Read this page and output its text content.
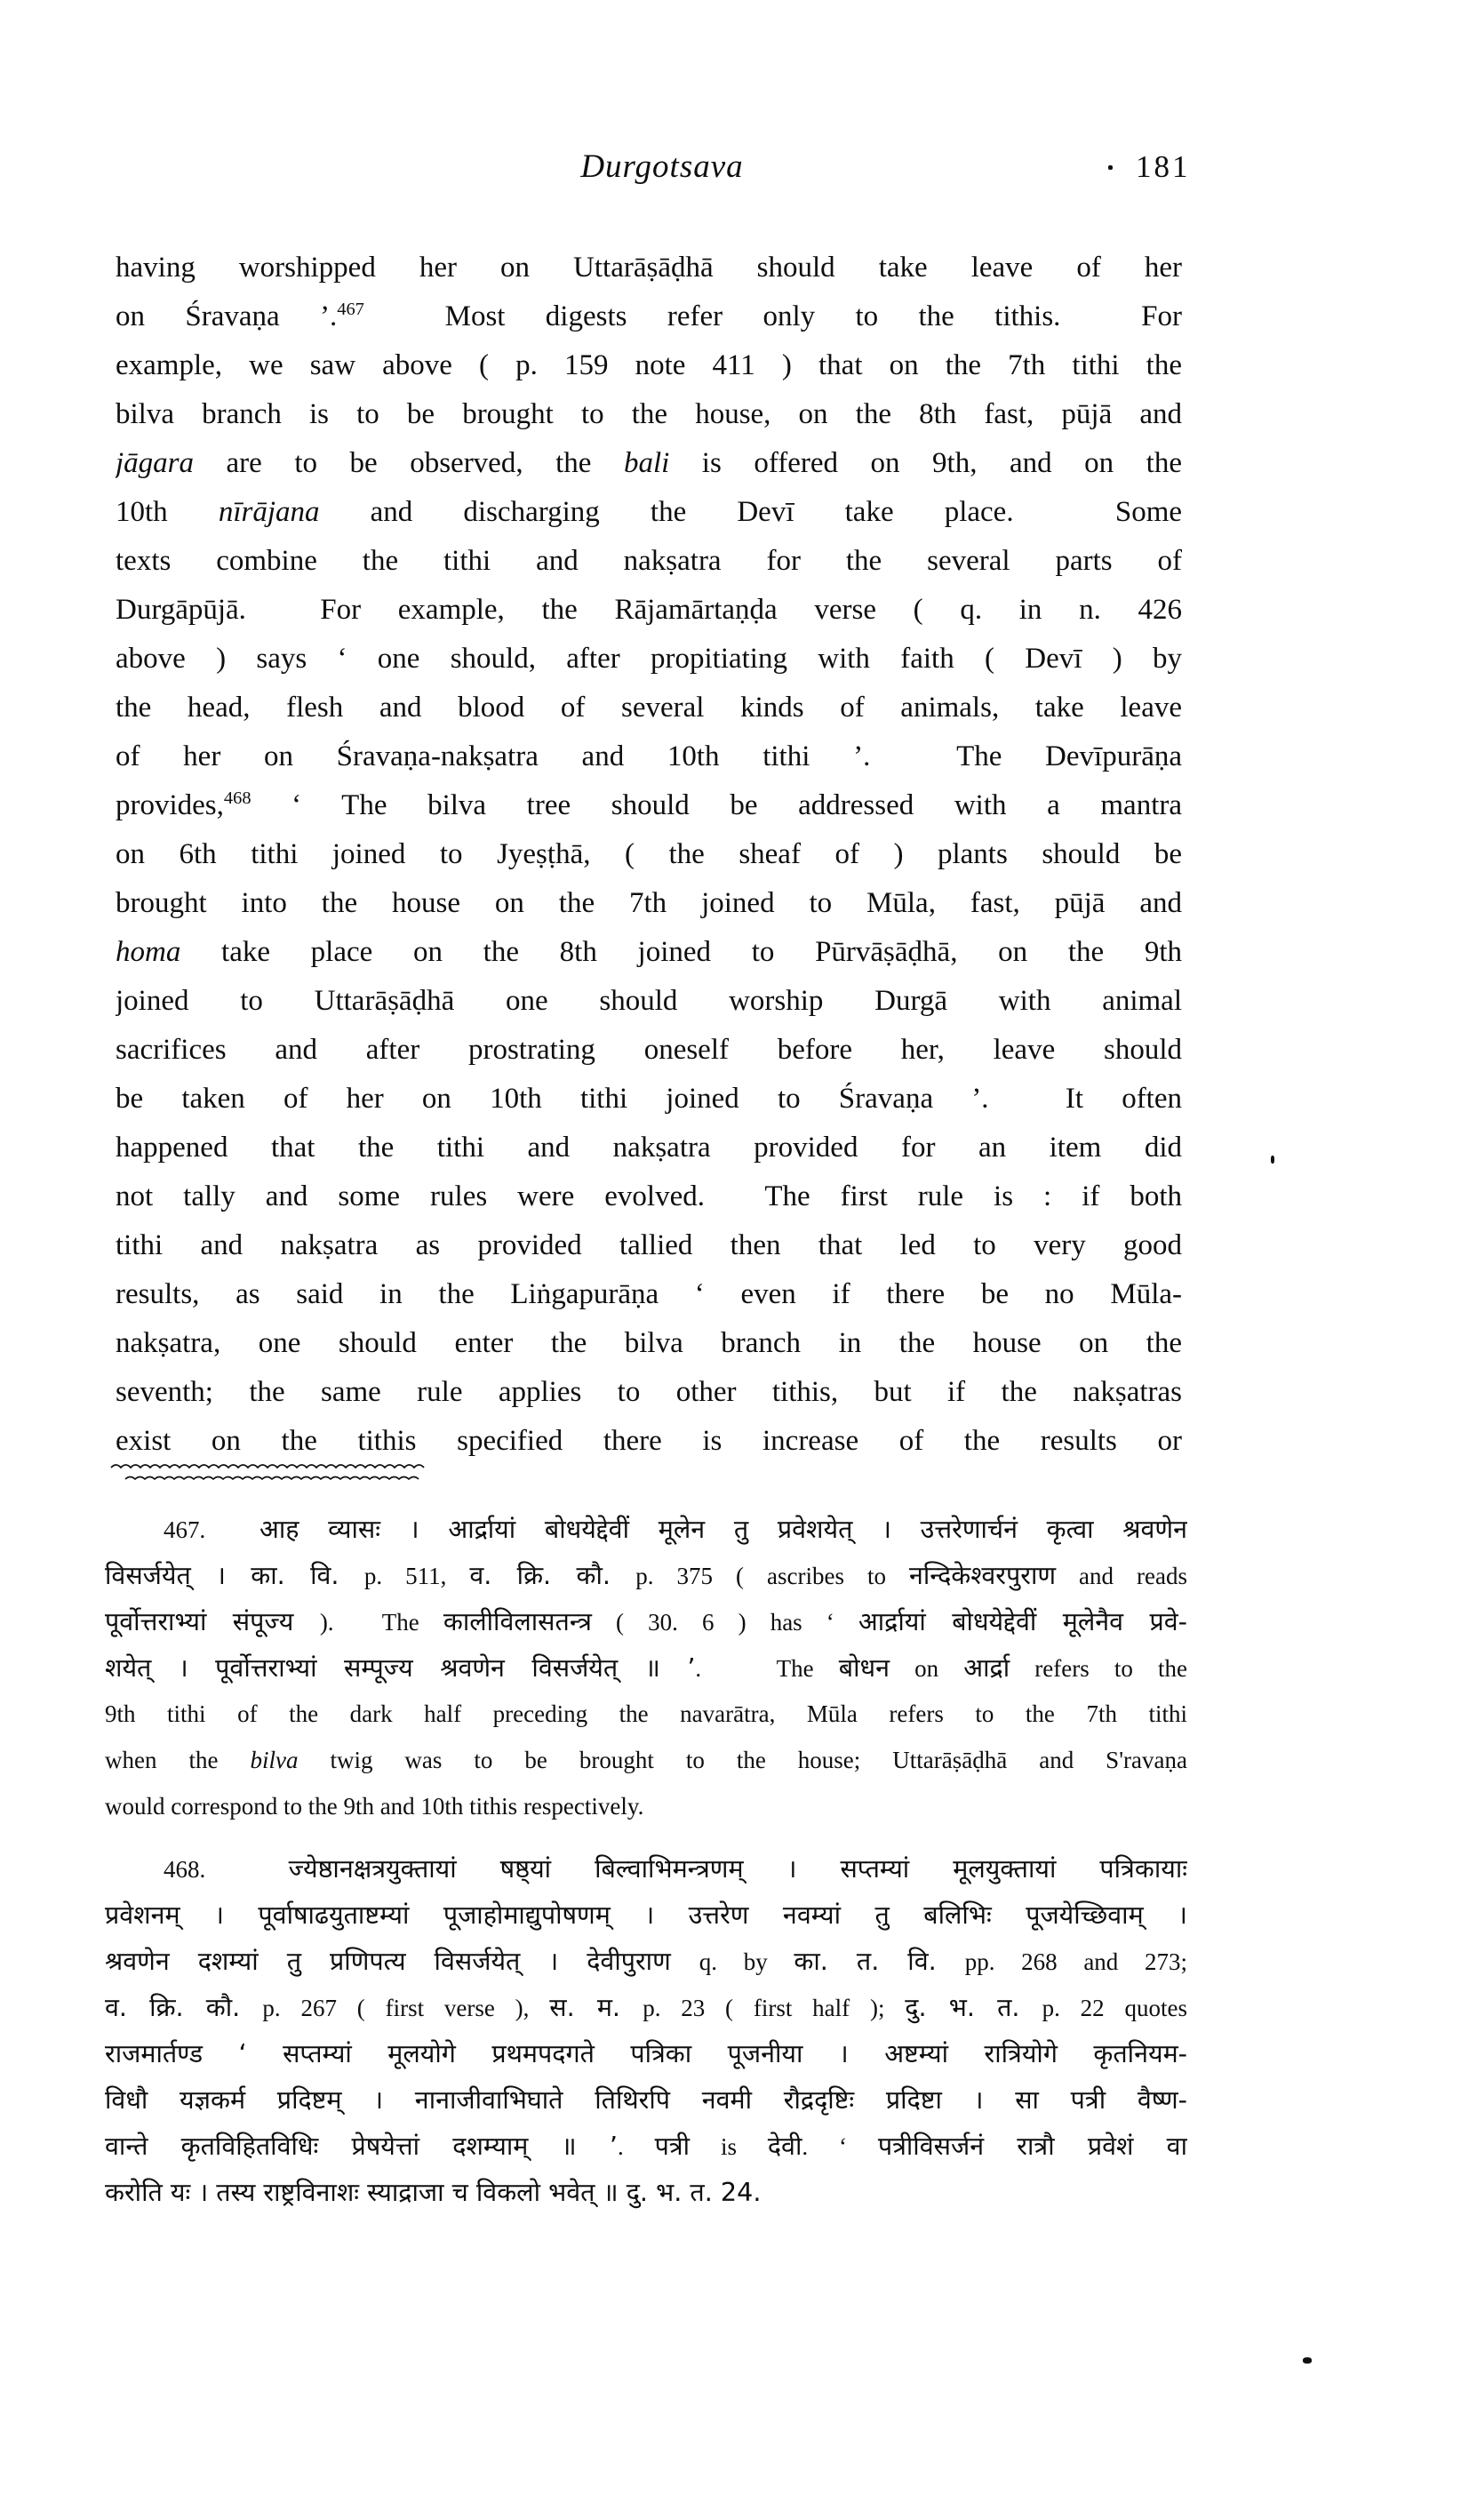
Durgotsava	181
having worshipped her on Uttarāṣāḍhā should take leave of her
on Śravaṇa ’.$^{467}$  Most digests refer only to the tithis.  For
example, we saw above ( p. 159 note 411 ) that on the 7th tithi the
bilva branch is to be brought to the house, on the 8th fast, pūjā and
jāgara are to be observed, the bali is offered on 9th, and on the
10th nīrājana and discharging the Devī take place.  Some
texts combine the tithi and nakṣatra for the several parts of
Durgāpūjā.  For example, the Rājamārtaṇḍa verse ( q. in n. 426
above ) says ‘ one should, after propitiating with faith ( Devī ) by
the head, flesh and blood of several kinds of animals, take leave
of her on Śravaṇa-nakṣatra and 10th tithi ’.  The Devīpurāṇa
provides,$^{468}$ ‘ The bilva tree should be addressed with a mantra
on 6th tithi joined to Jyeṣṭhā, ( the sheaf of ) plants should be
brought into the house on the 7th joined to Mūla, fast, pūjā and
homa take place on the 8th joined to Pūrvāṣāḍhā, on the 9th
joined to Uttarāṣāḍhā one should worship Durgā with animal
sacrifices and after prostrating oneself before her, leave should
be taken of her on 10th tithi joined to Śravaṇa ’.  It often
happened that the tithi and nakṣatra provided for an item did
not tally and some rules were evolved.  The first rule is : if both
tithi and nakṣatra as provided tallied then that led to very good
results, as said in the Liṅgapurāṇa ‘ even if there be no Mūla-
nakṣatra, one should enter the bilva branch in the house on the
seventh; the same rule applies to other tithis, but if the nakṣatras
exist on the tithis specified there is increase of the results or
467.  आह व्यासः । आर्द्रायां बोधयेद्देवीं मूलेन तु प्रवेशयेत् । उत्तरेणार्चनं कृत्वा श्रवणेन
विसर्जयेत् । का. वि. p. 511, व. क्रि. कौ. p. 375 ( ascribes to नन्दिकेश्वरपुराण and reads
पूर्वोत्तराभ्यां संपूज्य ).  The कालीविलासतन्त्र ( 30. 6 ) has ‘ आर्द्रायां बोधयेद्देवीं मूलेनैव प्रवे-
शयेत् । पूर्वोत्तराभ्यां सम्पूज्य श्रवणेन विसर्जयेत् ॥ ’.   The बोधन on आर्द्रा refers to the
9th tithi of the dark half preceding the navarātra, Mūla refers to the 7th tithi
when the bilva twig was to be brought to the house; Uttarāṣāḍhā and S'ravaṇa
would correspond to the 9th and 10th tithis respectively.
468.  ज्येष्ठानक्षत्रयुक्तायां षष्ठ्यां बिल्वाभिमन्त्रणम् । सप्तम्यां मूलयुक्तायां पत्रिकायाः
प्रवेशनम् । पूर्वाषाढयुताष्टम्यां पूजाहोमाद्युपोषणम् । उत्तरेण नवम्यां तु बलिभिः पूजयेच्छिवाम् ।
श्रवणेन दशम्यां तु प्रणिपत्य विसर्जयेत् । देवीपुराण q. by का. त. वि. pp. 268 and 273;
व. क्रि. कौ. p. 267 ( first verse ), स. म. p. 23 ( first half ); दु. भ. त. p. 22 quotes
राजमार्तण्ड ‘ सप्तम्यां मूलयोगे प्रथमपदगते पत्रिका पूजनीया । अष्टम्यां रात्रियोगे कृतनियम-
विधौ यज्ञकर्म प्रदिष्टम् । नानाजीवाभिघाते तिथिरपि नवमी रौद्रदृष्टिः प्रदिष्टा । सा पत्री वैष्ण-
वान्ते कृतविहितविधिः प्रेषयेत्तां दशम्याम् ॥ ’. पत्री is देवी. ‘ पत्रीविसर्जनं रात्रौ प्रवेशं वा
करोति यः । तस्य राष्ट्रविनाशः स्याद्राजा च विकलो भवेत् ॥ दु. भ. त. 24.
